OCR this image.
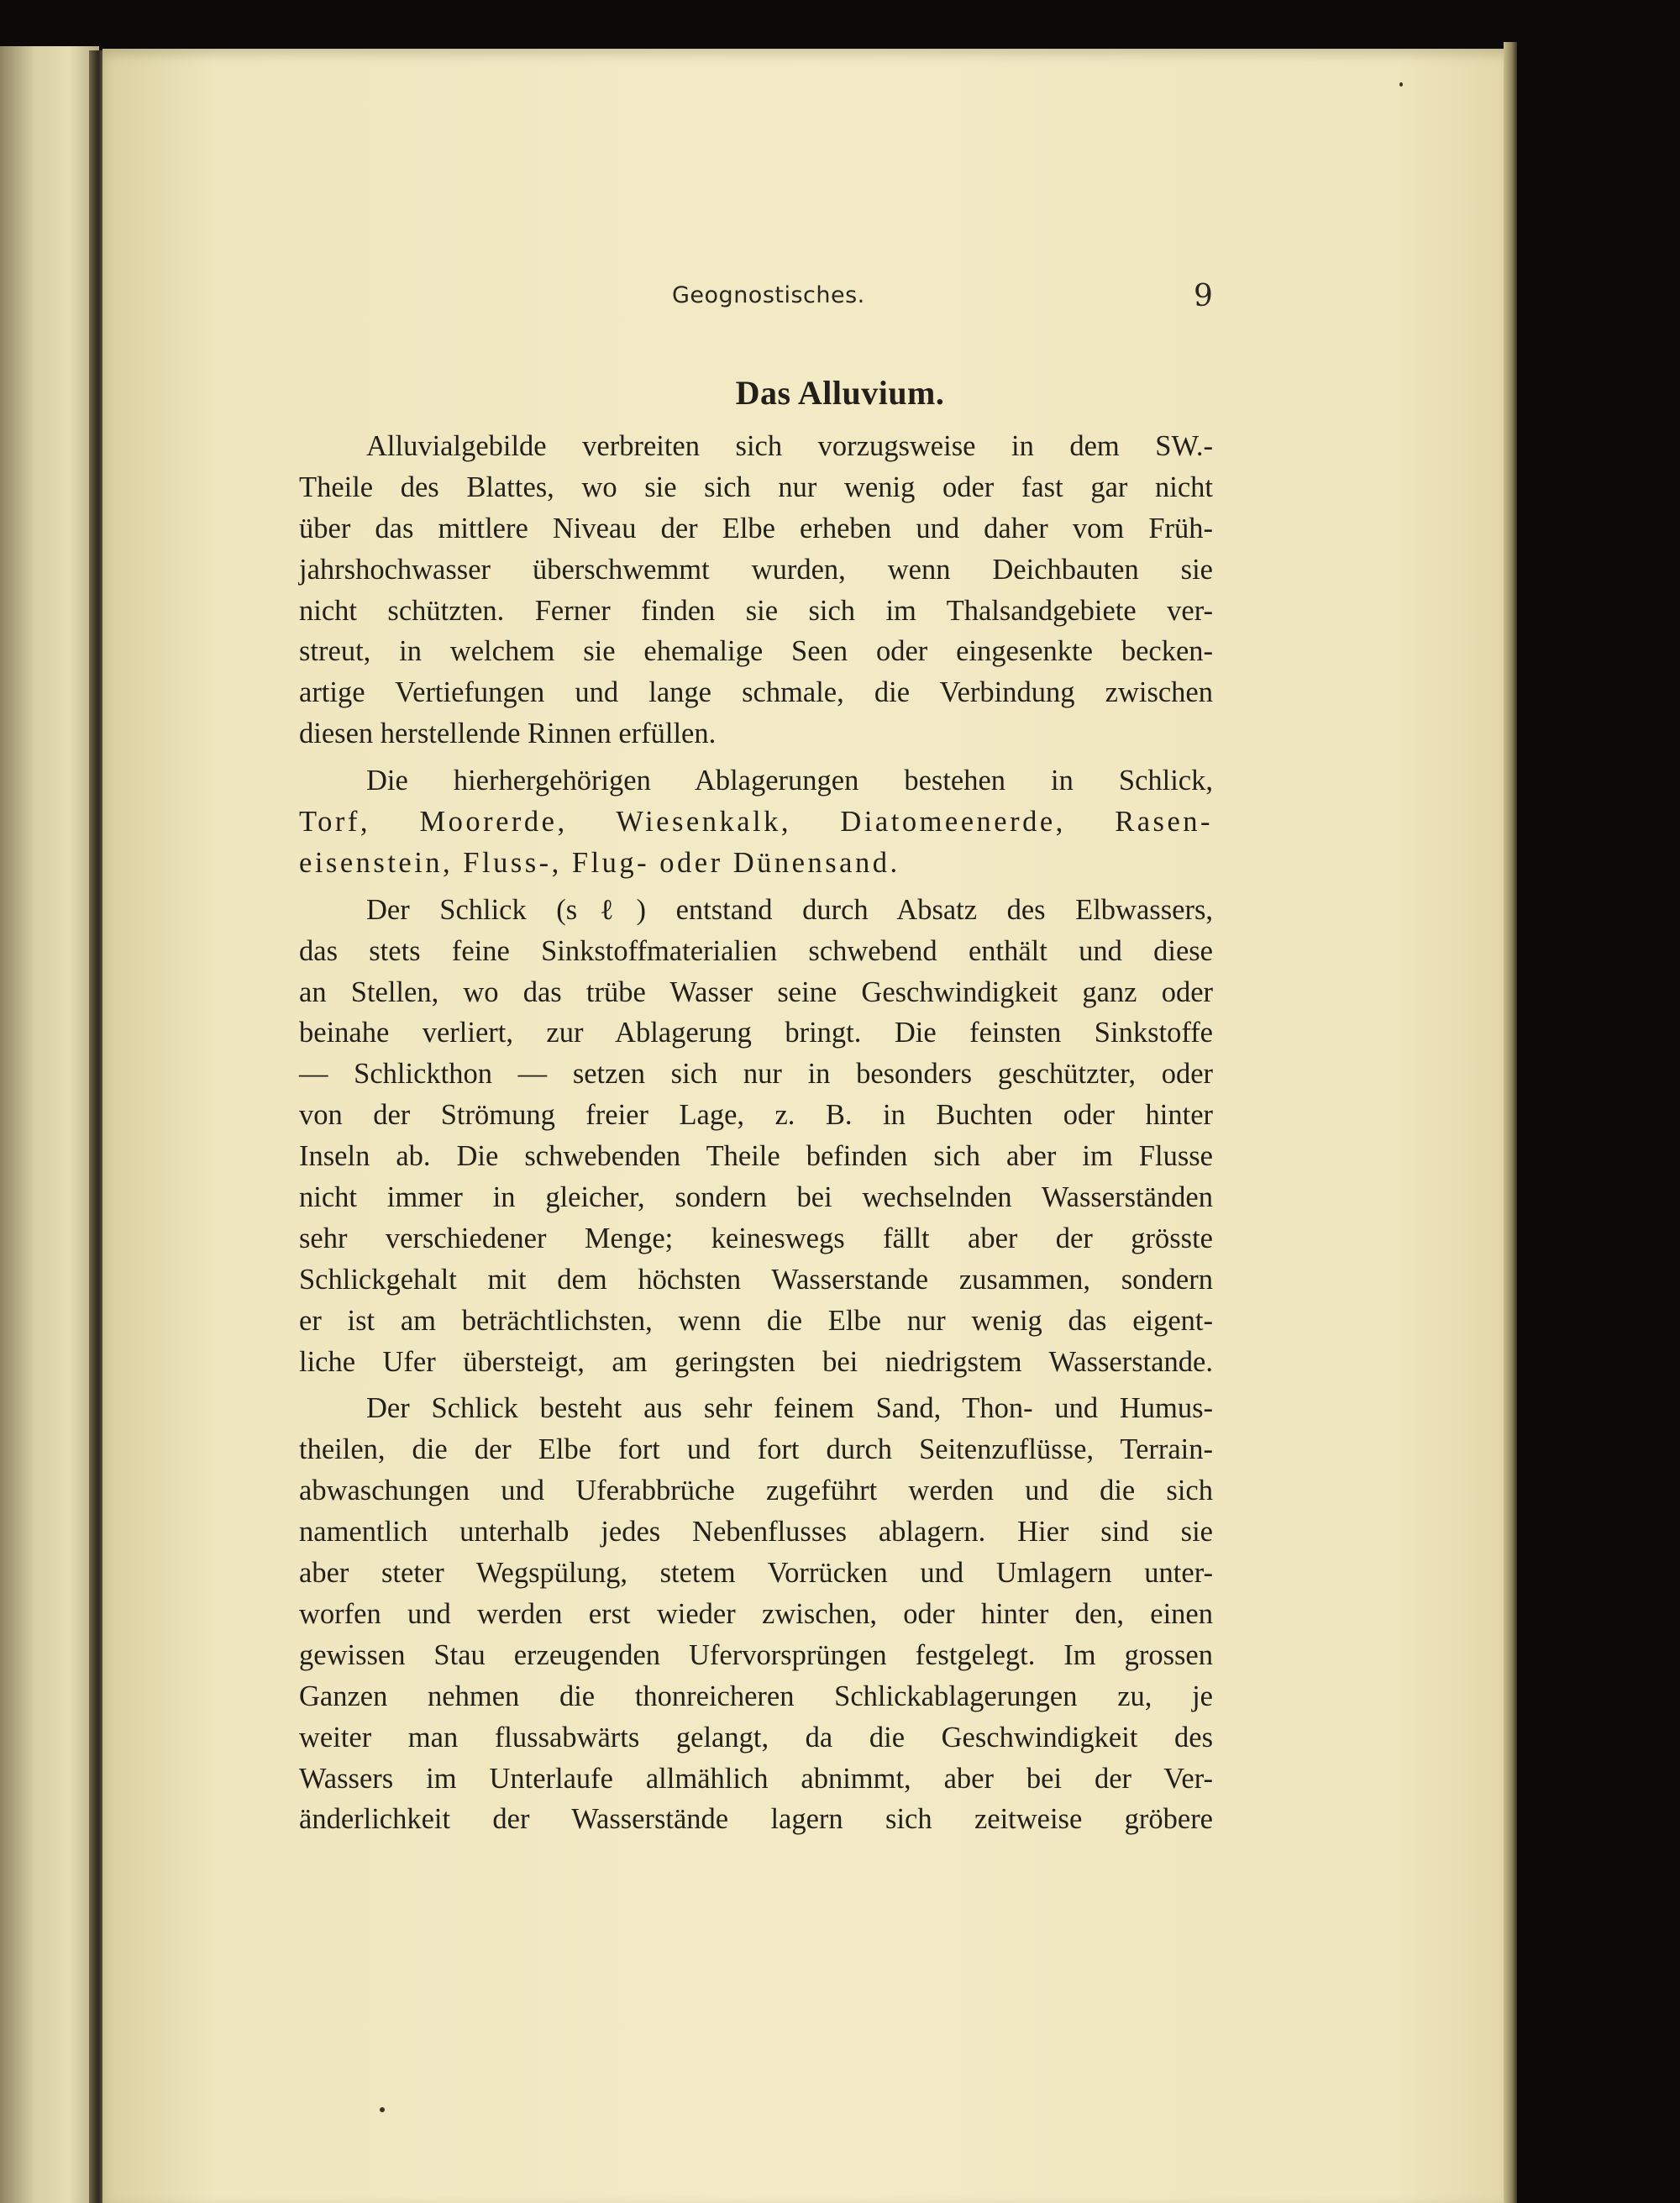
Geognostisches.	9
Das Alluvium.
Alluvialgebilde verbreiten sich vorzugsweise in dem SW.-
Theile des Blattes, wo sie sich nur wenig oder fast gar nicht
über das mittlere Niveau der Elbe erheben und daher vom Früh-
jahrshochwasser überschwemmt wurden, wenn Deichbauten sie
nicht schützten. Ferner finden sie sich im Thalsandgebiete ver-
streut, in welchem sie ehemalige Seen oder eingesenkte becken-
artige Vertiefungen und lange schmale, die Verbindung zwischen
diesen herstellende Rinnen erfüllen.
Die hierhergehörigen Ablagerungen bestehen in Schlick,
Torf, Moorerde, Wiesenkalk, Diatomeenerde, Rasen-
eisenstein, Fluss-, Flug- oder Dünensand.
Der Schlick (sℓ) entstand durch Absatz des Elbwassers,
das stets feine Sinkstoffmaterialien schwebend enthält und diese
an Stellen, wo das trübe Wasser seine Geschwindigkeit ganz oder
beinahe verliert, zur Ablagerung bringt. Die feinsten Sinkstoffe
— Schlickthon — setzen sich nur in besonders geschützter, oder
von der Strömung freier Lage, z. B. in Buchten oder hinter
Inseln ab. Die schwebenden Theile befinden sich aber im Flusse
nicht immer in gleicher, sondern bei wechselnden Wasserständen
sehr verschiedener Menge; keineswegs fällt aber der grösste
Schlickgehalt mit dem höchsten Wasserstande zusammen, sondern
er ist am beträchtlichsten, wenn die Elbe nur wenig das eigent-
liche Ufer übersteigt, am geringsten bei niedrigstem Wasserstande.
Der Schlick besteht aus sehr feinem Sand, Thon- und Humus-
theilen, die der Elbe fort und fort durch Seitenzuflüsse, Terrain-
abwaschungen und Uferabbrüche zugeführt werden und die sich
namentlich unterhalb jedes Nebenflusses ablagern. Hier sind sie
aber steter Wegspülung, stetem Vorrücken und Umlagern unter-
worfen und werden erst wieder zwischen, oder hinter den, einen
gewissen Stau erzeugenden Ufervorsprüngen festgelegt. Im grossen
Ganzen nehmen die thonreicheren Schlickablagerungen zu, je
weiter man flussabwärts gelangt, da die Geschwindigkeit des
Wassers im Unterlaufe allmählich abnimmt, aber bei der Ver-
änderlichkeit der Wasserstände lagern sich zeitweise gröbere
